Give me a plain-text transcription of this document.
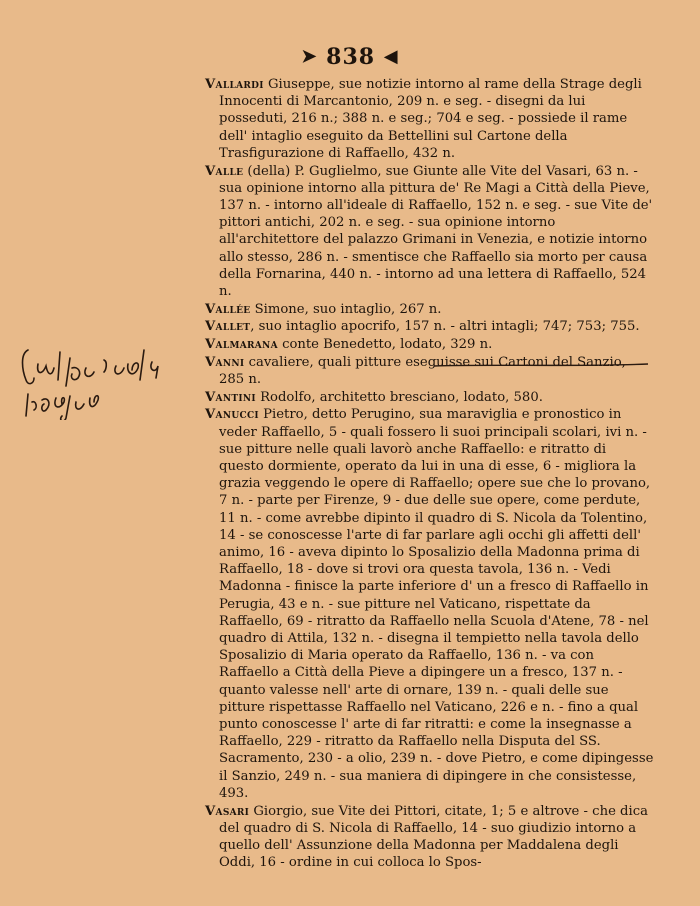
➤ 838 ◀
Vallardi Giuseppe, sue notizie intorno al rame della Strage degli Innocenti di Marcantonio, 209 n. e seg. - disegni da lui posseduti, 216 n.; 388 n. e seg.; 704 e seg. - possiede il rame dell' intaglio eseguito da Bettellini sul Cartone della Trasfigurazione di Raffaello, 432 n.
Valle (della) P. Guglielmo, sue Giunte alle Vite del Vasari, 63 n. - sua opinione intorno alla pittura de' Re Magi a Città della Pieve, 137 n. - intorno all'ideale di Raffaello, 152 n. e seg. - sue Vite de' pittori antichi, 202 n. e seg. - sua opinione intorno all'architettore del palazzo Grimani in Venezia, e notizie intorno allo stesso, 286 n. - smentisce che Raffaello sia morto per causa della Fornarina, 440 n. - intorno ad una lettera di Raffaello, 524 n.
Vallée Simone, suo intaglio, 267 n.
Vallet, suo intaglio apocrifo, 157 n. - altri intagli; 747; 753; 755.
Valmarana conte Benedetto, lodato, 329 n.
Vanni cavaliere, quali pitture eseguisse sui Cartoni del Sanzio, 285 n.
Vantini Rodolfo, architetto bresciano, lodato, 580.
Vanucci Pietro, detto Perugino, sua maraviglia e pronostico in veder Raffaello, 5 - quali fossero li suoi principali scolari, ivi n. - sue pitture nelle quali lavorò anche Raffaello: e ritratto di questo dormiente, operato da lui in una di esse, 6 - migliora la grazia veggendo le opere di Raffaello; opere sue che lo provano, 7 n. - parte per Firenze, 9 - due delle sue opere, come perdute, 11 n. - come avrebbe dipinto il quadro di S. Nicola da Tolentino, 14 - se conoscesse l'arte di far parlare agli occhi gli affetti dell' animo, 16 - aveva dipinto lo Sposalizio della Madonna prima di Raffaello, 18 - dove si trovi ora questa tavola, 136 n. - Vedi Madonna - finisce la parte inferiore d' un a fresco di Raffaello in Perugia, 43 e n. - sue pitture nel Vaticano, rispettate da Raffaello, 69 - ritratto da Raffaello nella Scuola d'Atene, 78 - nel quadro di Attila, 132 n. - disegna il tempietto nella tavola dello Sposalizio di Maria operato da Raffaello, 136 n. - va con Raffaello a Città della Pieve a dipingere un a fresco, 137 n. - quanto valesse nell' arte di ornare, 139 n. - quali delle sue pitture rispettasse Raffaello nel Vaticano, 226 e n. - fino a qual punto conoscesse l' arte di far ritratti: e come la insegnasse a Raffaello, 229 - ritratto da Raffaello nella Disputa del SS. Sacramento, 230 - a olio, 239 n. - dove Pietro, e come dipingesse il Sanzio, 249 n. - sua maniera di dipingere in che consistesse, 493.
Vasari Giorgio, sue Vite dei Pittori, citate, 1; 5 e altrove - che dica del quadro di S. Nicola di Raffaello, 14 - suo giudizio intorno a quello dell' Assunzione della Madonna per Maddalena degli Oddi, 16 - ordine in cui colloca lo Spos-
